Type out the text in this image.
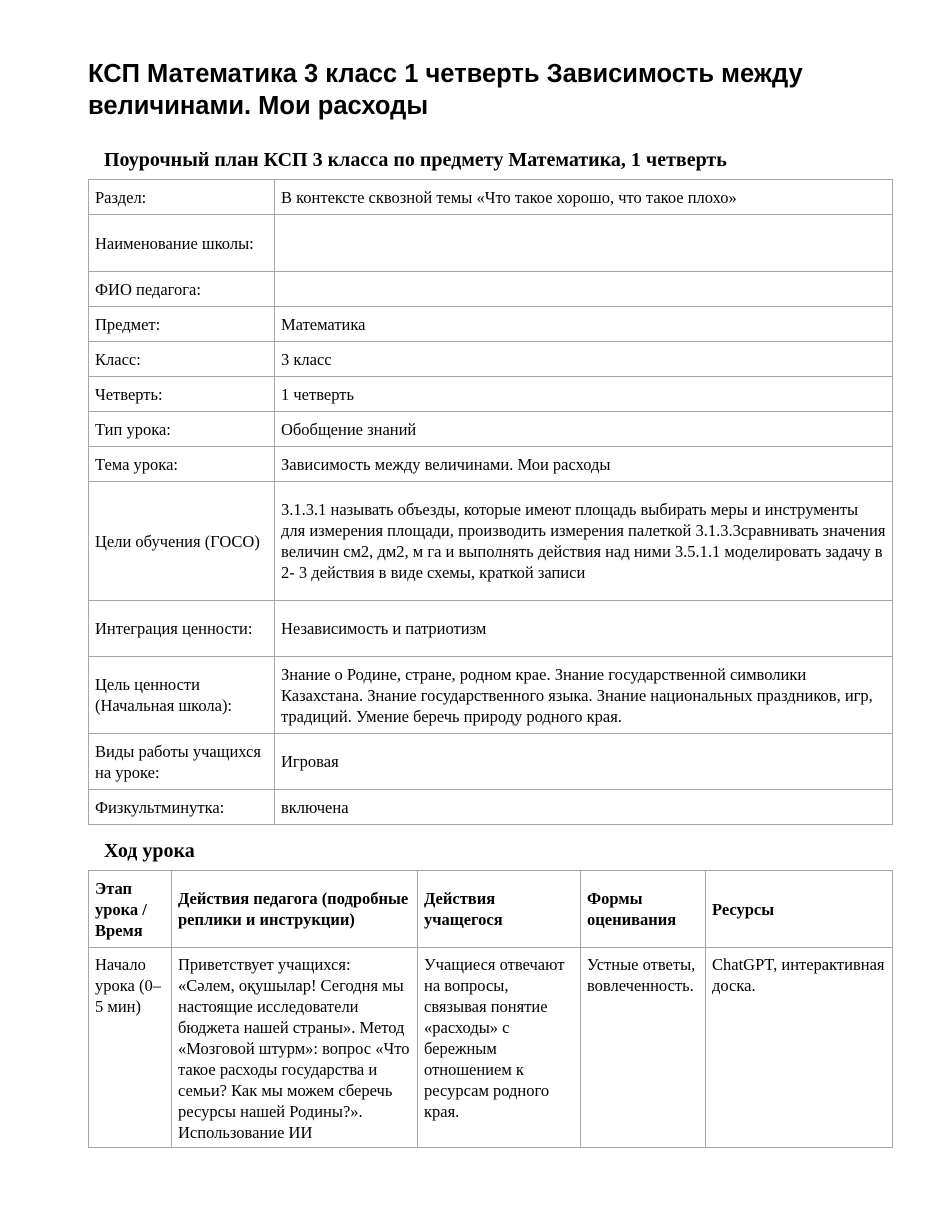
КСП Математика 3 класс 1 четверть Зависимость между величинами. Мои расходы
Поурочный план КСП 3 класса по предмету Математика, 1 четверть
Раздел:	В контексте сквозной темы «Что такое хорошо, что такое плохо»
Наименование школы:	
ФИО педагога:	
Предмет:	Математика
Класс:	3 класс
Четверть:	1 четверть
Тип урока:	Обобщение знаний
Тема урока:	Зависимость между величинами. Мои расходы
Цели обучения (ГОСО)	3.1.3.1 называть объезды, которые имеют площадь выбирать меры и инструменты для измерения площади, производить измерения палеткой 3.1.3.3сравнивать значения величин см2, дм2, м га и выполнять действия над ними 3.5.1.1 моделировать задачу в 2- 3 действия в виде схемы, краткой записи
Интеграция ценности:	Независимость и патриотизм
Цель ценности (Начальная школа):	Знание о Родине, стране, родном крае. Знание государственной символики Казахстана. Знание государственного языка. Знание национальных праздников, игр, традиций. Умение беречь природу родного края.
Виды работы учащихся на уроке:	Игровая
Физкультминутка:	включена
Ход урока
Этап урока / Время	Действия педагога (подробные реплики и инструкции)	Действия учащегося	Формы оценивания	Ресурсы
Начало урока (0–5 мин)	Приветствует учащихся: «Сәлем, оқушылар! Сегодня мы настоящие исследователи бюджета нашей страны». Метод «Мозговой штурм»: вопрос «Что такое расходы государства и семьи? Как мы можем сберечь ресурсы нашей Родины?». Использование ИИ	Учащиеся отвечают на вопросы, связывая понятие «расходы» с бережным отношением к ресурсам родного края.	Устные ответы, вовлеченность.	ChatGPT, интерактивная доска.
